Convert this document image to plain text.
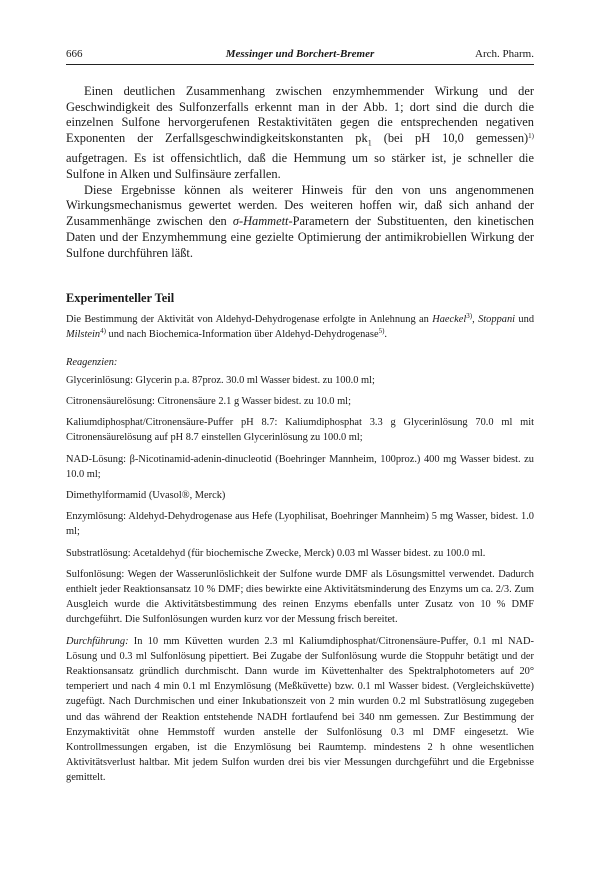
666	Messinger und Borchert-Bremer	Arch. Pharm.

Einen deutlichen Zusammenhang zwischen enzymhemmender Wirkung und der Geschwindigkeit des Sulfonzerfalls erkennt man in der Abb. 1; dort sind die durch die einzelnen Sulfone hervorgerufenen Restaktivitäten gegen die entsprechenden negativen Exponenten der Zerfallsgeschwindigkeitskonstanten $pk_1$ (bei pH 10,0 gemessen)$^{1)}$ aufgetragen. Es ist offensichtlich, daß die Hemmung um so stärker ist, je schneller die Sulfone in Alken und Sulfinsäure zerfallen.

Diese Ergebnisse können als weiterer Hinweis für den von uns angenommenen Wirkungsmechanismus gewertet werden. Des weiteren hoffen wir, daß sich anhand der Zusammenhänge zwischen den σ-Hammett-Parametern der Substituenten, den kinetischen Daten und der Enzymhemmung eine gezielte Optimierung der antimikrobiellen Wirkung der Sulfone durchführen läßt.

Experimenteller Teil
Die Bestimmung der Aktivität von Aldehyd-Dehydrogenase erfolgte in Anlehnung an Haeckel$^{3)}$, Stoppani und Milstein$^{4)}$ und nach Biochemica-Information über Aldehyd-Dehydrogenase$^{5)}$.
Reagenzien:
Glycerinlösung: Glycerin p.a. 87proz. 30.0 ml Wasser bidest. zu 100.0 ml;
Citronensäurelösung: Citronensäure 2.1 g Wasser bidest. zu 10.0 ml;
Kaliumdiphosphat/Citronensäure-Puffer pH 8.7: Kaliumdiphosphat 3.3 g Glycerinlösung 70.0 ml mit Citronensäurelösung auf pH 8.7 einstellen Glycerinlösung zu 100.0 ml;
NAD-Lösung: β-Nicotinamid-adenin-dinucleotid (Boehringer Mannheim, 100proz.) 400 mg Wasser bidest. zu 10.0 ml;
Dimethylformamid (Uvasol®, Merck)
Enzymlösung: Aldehyd-Dehydrogenase aus Hefe (Lyophilisat, Boehringer Mannheim) 5 mg Wasser, bidest. 1.0 ml;
Substratlösung: Acetaldehyd (für biochemische Zwecke, Merck) 0.03 ml Wasser bidest. zu 100.0 ml.
Sulfonlösung: Wegen der Wasserunlöslichkeit der Sulfone wurde DMF als Lösungsmittel verwendet. Dadurch enthielt jeder Reaktionsansatz 10 % DMF; dies bewirkte eine Aktivitätsminderung des Enzyms um ca. 2/3. Zum Ausgleich wurde die Aktivitätsbestimmung des reinen Enzyms ebenfalls unter Zusatz von 10 % DMF durchgeführt. Die Sulfonlösungen wurden kurz vor der Messung frisch bereitet.
Durchführung: In 10 mm Küvetten wurden 2.3 ml Kaliumdiphosphat/Citronensäure-Puffer, 0.1 ml NAD-Lösung und 0.3 ml Sulfonlösung pipettiert. Bei Zugabe der Sulfonlösung wurde die Stoppuhr betätigt und der Reaktionsansatz gründlich durchmischt. Dann wurde im Küvettenhalter des Spektralphotometers auf 20° temperiert und nach 4 min 0.1 ml Enzymlösung (Meßküvette) bzw. 0.1 ml Wasser bidest. (Vergleichsküvette) zugefügt. Nach Durchmischen und einer Inkubationszeit von 2 min wurden 0.2 ml Substratlösung zugegeben und das während der Reaktion entstehende NADH fortlaufend bei 340 nm gemessen. Zur Bestimmung der Enzymaktivität ohne Hemmstoff wurden anstelle der Sulfonlösung 0.3 ml DMF eingesetzt. Wie Kontrollmessungen ergaben, ist die Enzymlösung bei Raumtemp. mindestens 2 h ohne wesentlichen Aktivitätsverlust haltbar. Mit jedem Sulfon wurden drei bis vier Messungen durchgeführt und die Ergebnisse gemittelt.
